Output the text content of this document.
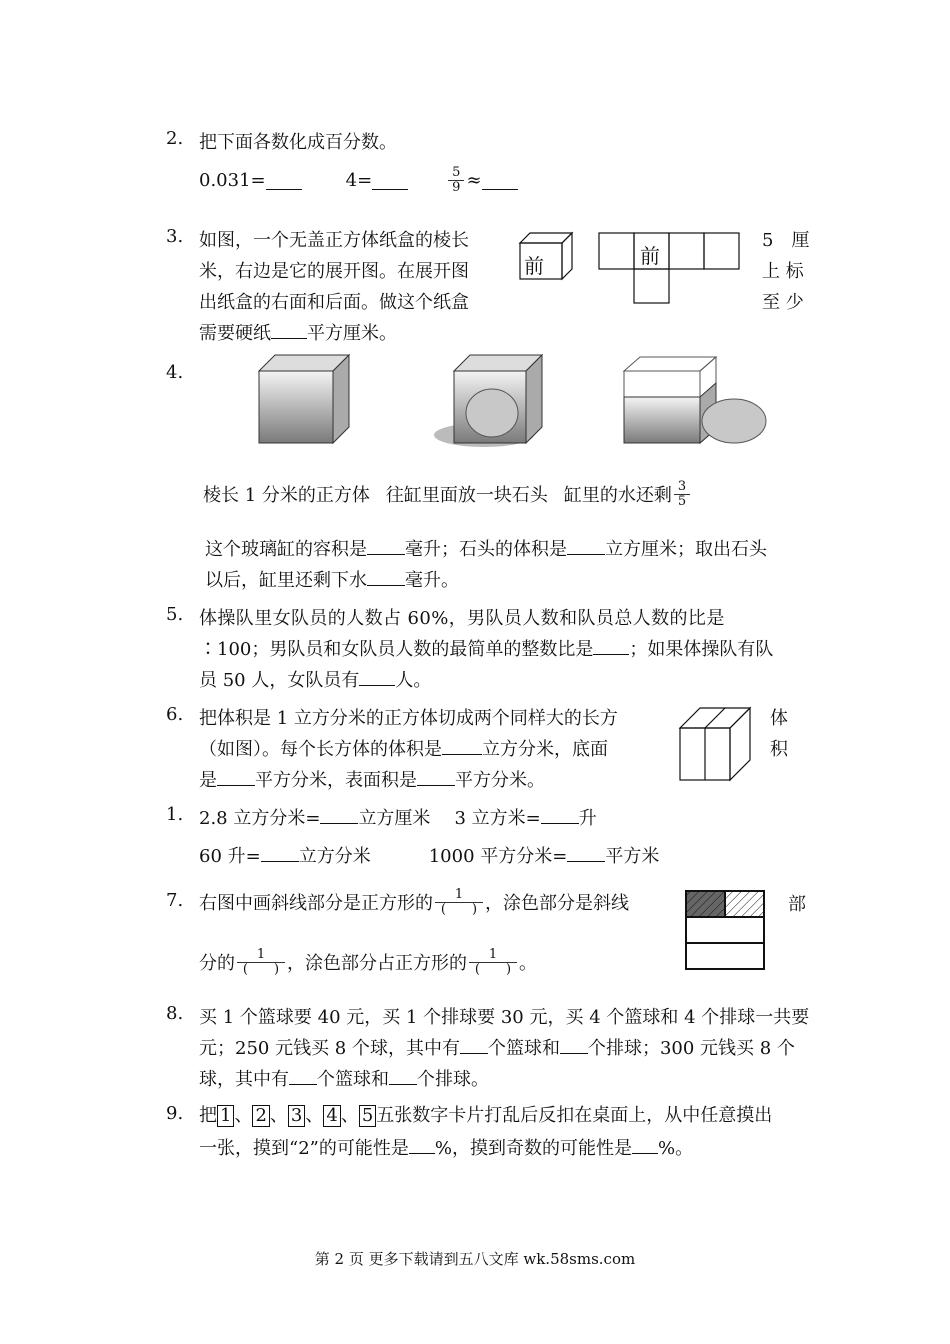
2. 把下面各数化成百分数。
0.031=	4=	$\frac{5}{9}$ ≈
3. 如图，一个无盖正方体纸盒的棱长
米，右边是它的展开图。在展开图
出纸盒的右面和后面。做这个纸盒
需要硬纸 平方厘米。
5　厘
上 标
至 少
前	前
4.
棱长 1 分米的正方体 往缸里面放一块石头 缸里的水还剩 $\frac{3}{5}$
这个玻璃缸的容积是 毫升；石头的体积是 立方厘米；取出石头
以后，缸里还剩下水 毫升。
5. 体操队里女队员的人数占 60%，男队员人数和队员总人数的比是
∶100；男队员和女队员人数的最简单的整数比是 ；如果体操队有队
员 50 人，女队员有 人。
6. 把体积是 1 立方分米的正方体切成两个同样大的长方
（如图）。每个长方体的体积是 立方分米，底面
是 平方分米，表面积是 平方分米。
体
积
1. 2.8 立方分米= 立方厘米 3 立方米= 升
60 升= 立方分米	1000 平方分米= 平方米
7. 右图中画斜线部分是正方形的 $\frac{1}{( )}$ ，涂色部分是斜线	部
分的 $\frac{1}{( )}$ ，涂色部分占正方形的 $\frac{1}{( )}$ 。
8. 买 1 个篮球要 40 元，买 1 个排球要 30 元，买 4 个篮球和 4 个排球一共要
元；250 元钱买 8 个球，其中有 个篮球和 个排球；300 元钱买 8 个
球，其中有 个篮球和 个排球。
9. 把 1 、 2 、 3 、 4 、 5 五张数字卡片打乱后反扣在桌面上，从中任意摸出
一张，摸到“2”的可能性是 %，摸到奇数的可能性是 %。
第 2 页 更多下载请到五八文库 wk.58sms.com
